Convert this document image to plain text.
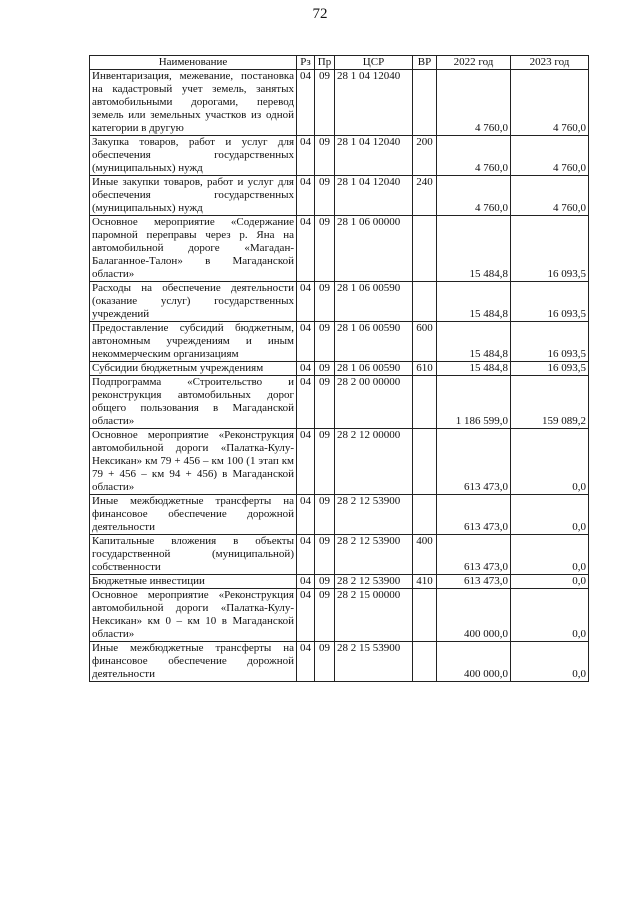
72
Наименование	Рз	Пр	ЦСР	ВР	2022 год	2023 год
Инвентаризация, межевание, постановка на кадастровый учет земель, занятых автомобильными дорогами, перевод земель или земельных участков из одной категории в другую	04	09	28 1 04 12040		4 760,0	4 760,0
Закупка товаров, работ и услуг для обеспечения государственных (муниципальных) нужд	04	09	28 1 04 12040	200	4 760,0	4 760,0
Иные закупки товаров, работ и услуг для обеспечения государственных (муниципальных) нужд	04	09	28 1 04 12040	240	4 760,0	4 760,0
Основное мероприятие «Содержание паромной переправы через р. Яна на автомобильной дороге «Магадан-Балаганное-Талон» в Магаданской области»	04	09	28 1 06 00000		15 484,8	16 093,5
Расходы на обеспечение деятельности (оказание услуг) государственных учреждений	04	09	28 1 06 00590		15 484,8	16 093,5
Предоставление субсидий бюджетным, автономным учреждениям и иным некоммерческим организациям	04	09	28 1 06 00590	600	15 484,8	16 093,5
Субсидии бюджетным учреждениям	04	09	28 1 06 00590	610	15 484,8	16 093,5
Подпрограмма «Строительство и реконструкция автомобильных дорог общего пользования в Магаданской области»	04	09	28 2 00 00000		1 186 599,0	159 089,2
Основное мероприятие «Реконструкция автомобильной дороги «Палатка-Кулу-Нексикан» км 79 + 456 – км 100 (1 этап км 79 + 456 – км 94 + 456) в Магаданской области»	04	09	28 2 12 00000		613 473,0	0,0
Иные межбюджетные трансферты на финансовое обеспечение дорожной деятельности	04	09	28 2 12 53900		613 473,0	0,0
Капитальные вложения в объекты государственной (муниципальной) собственности	04	09	28 2 12 53900	400	613 473,0	0,0
Бюджетные инвестиции	04	09	28 2 12 53900	410	613 473,0	0,0
Основное мероприятие «Реконструкция автомобильной дороги «Палатка-Кулу-Нексикан» км 0 – км 10 в Магаданской области»	04	09	28 2 15 00000		400 000,0	0,0
Иные межбюджетные трансферты на финансовое обеспечение дорожной деятельности	04	09	28 2 15 53900		400 000,0	0,0
